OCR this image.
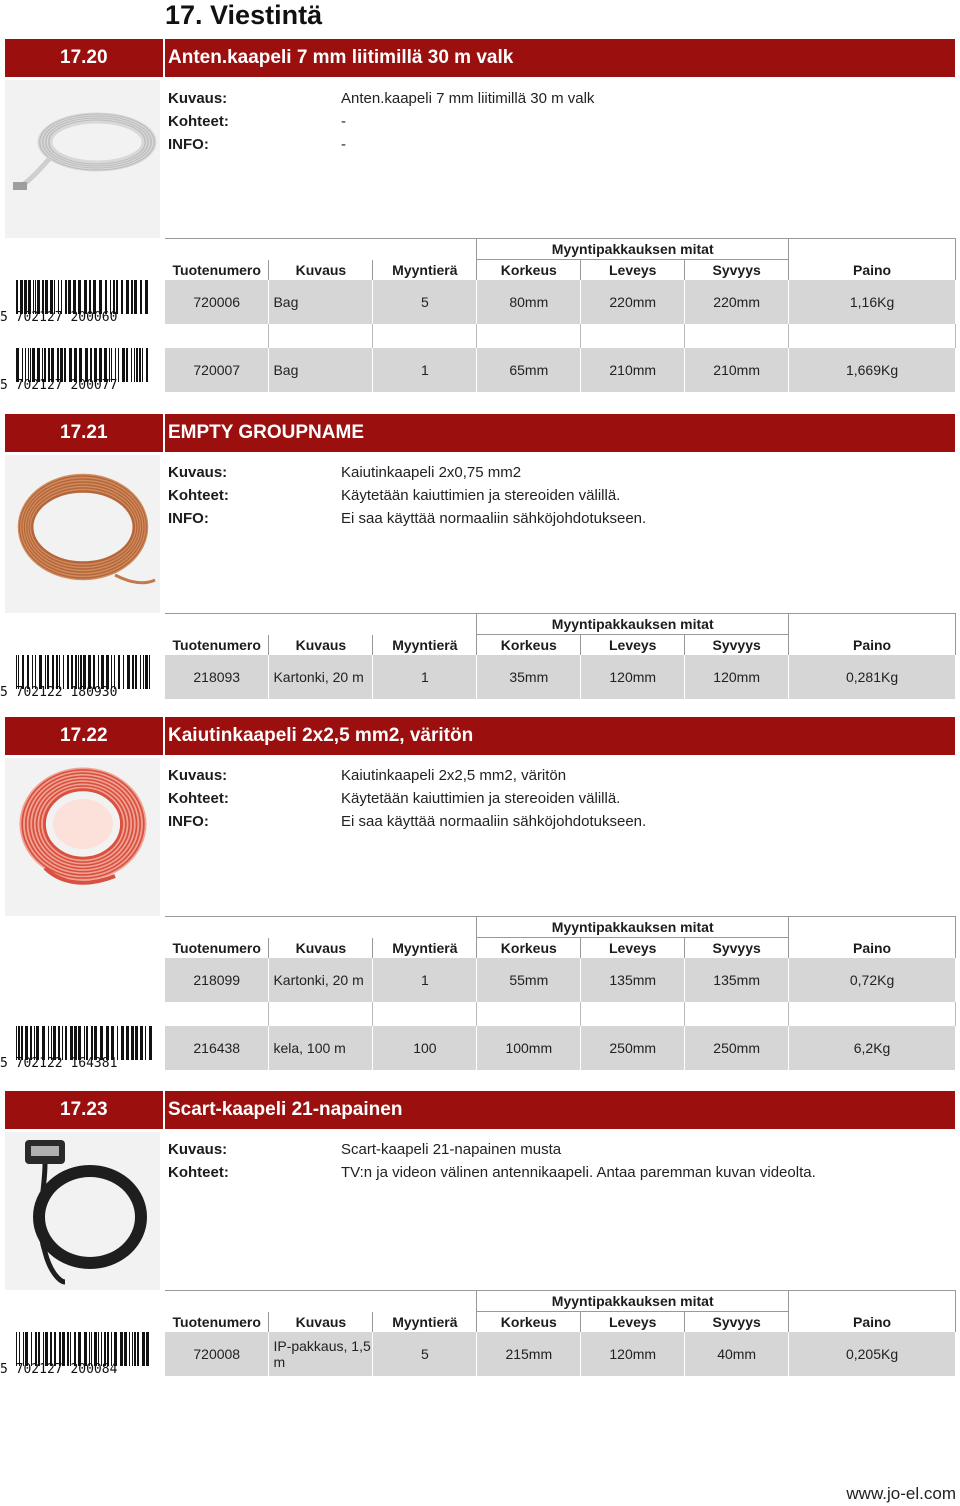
17. Viestintä
17.20	Anten.kaapeli 7 mm liitimillä 30 m valk
Kuvaus:	Anten.kaapeli 7 mm liitimillä 30 m valk
Kohteet:	-
INFO:	-
			Myyntipakkauksen mitat			
Tuotenumero	Kuvaus	Myyntierä	Korkeus	Leveys	Syvyys	Paino
720006	Bag	5	80mm	220mm	220mm	1,16Kg

720007	Bag	1	65mm	210mm	210mm	1,669Kg
5 702127 200060
5 702127 200077
17.21	EMPTY GROUPNAME
Kuvaus:	Kaiutinkaapeli 2x0,75 mm2
Kohteet:	Käytetään kaiuttimien ja stereoiden välillä.
INFO:	Ei saa käyttää normaaliin sähköjohdotukseen.
			Myyntipakkauksen mitat			
Tuotenumero	Kuvaus	Myyntierä	Korkeus	Leveys	Syvyys	Paino
218093	Kartonki, 20 m	1	35mm	120mm	120mm	0,281Kg
5 702122 180930
17.22	Kaiutinkaapeli 2x2,5 mm2, väritön
Kuvaus:	Kaiutinkaapeli 2x2,5 mm2, väritön
Kohteet:	Käytetään kaiuttimien ja stereoiden välillä.
INFO:	Ei saa käyttää normaaliin sähköjohdotukseen.
			Myyntipakkauksen mitat			
Tuotenumero	Kuvaus	Myyntierä	Korkeus	Leveys	Syvyys	Paino
218099	Kartonki, 20 m	1	55mm	135mm	135mm	0,72Kg

216438	kela, 100 m	100	100mm	250mm	250mm	6,2Kg
5 702122 164381
17.23	Scart-kaapeli 21-napainen
Kuvaus:	Scart-kaapeli 21-napainen musta
Kohteet:	TV:n ja videon välinen antennikaapeli. Antaa paremman kuvan videolta.
			Myyntipakkauksen mitat			
Tuotenumero	Kuvaus	Myyntierä	Korkeus	Leveys	Syvyys	Paino
720008	IP-pakkaus, 1,5 m	5	215mm	120mm	40mm	0,205Kg
5 702127 200084
www.jo-el.com
